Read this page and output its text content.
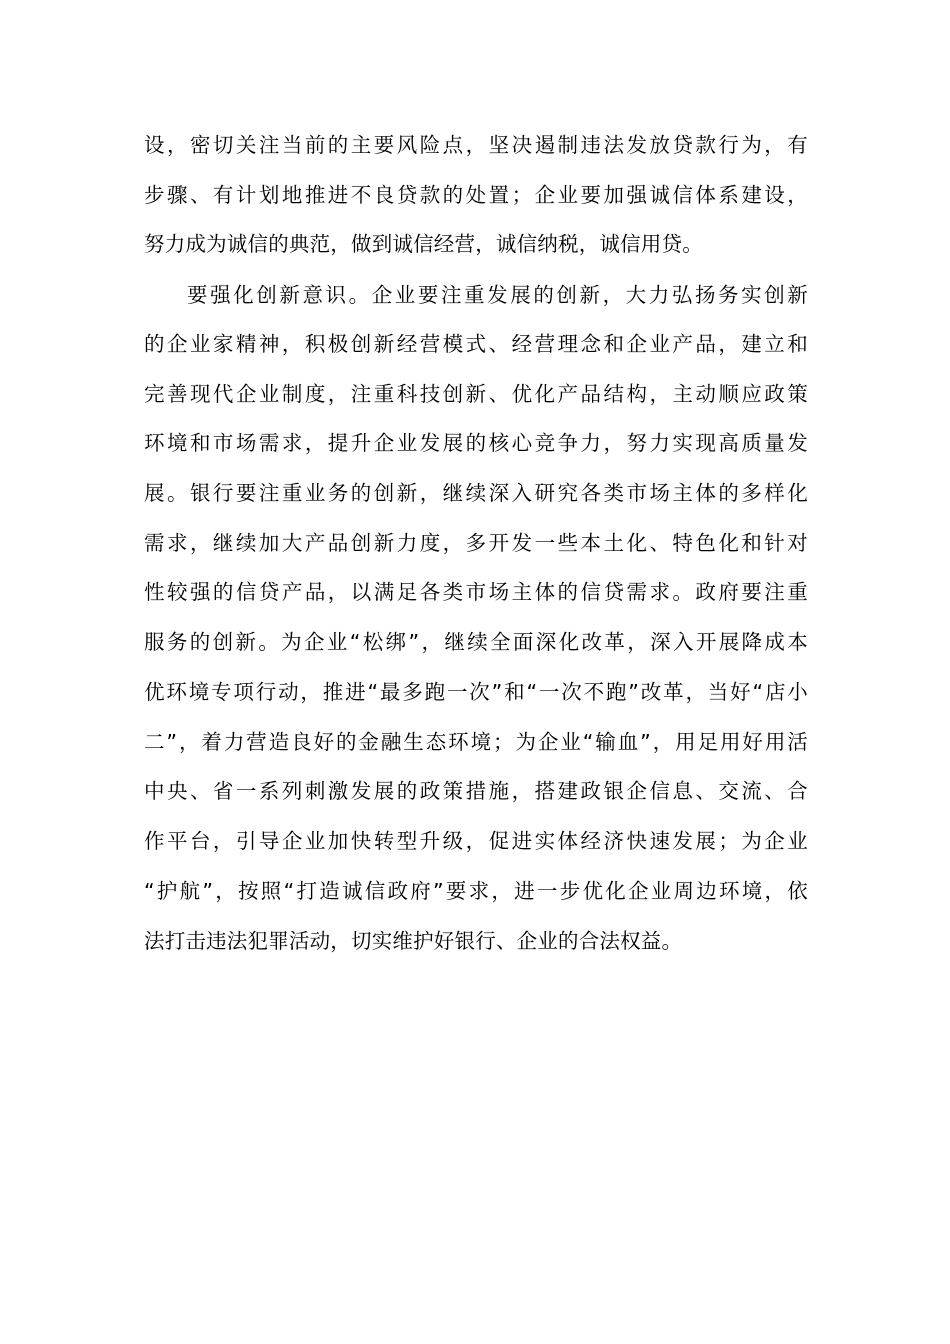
设，密切关注当前的主要风险点，坚决遏制违法发放贷款行为，有
步骤、有计划地推进不良贷款的处置；企业要加强诚信体系建设，
努力成为诚信的典范，做到诚信经营，诚信纳税，诚信用贷。
要强化创新意识。企业要注重发展的创新，大力弘扬务实创新
的企业家精神，积极创新经营模式、经营理念和企业产品，建立和
完善现代企业制度，注重科技创新、优化产品结构，主动顺应政策
环境和市场需求，提升企业发展的核心竞争力，努力实现高质量发
展。银行要注重业务的创新，继续深入研究各类市场主体的多样化
需求，继续加大产品创新力度，多开发一些本土化、特色化和针对
性较强的信贷产品，以满足各类市场主体的信贷需求。政府要注重
服务的创新。为企业“松绑”，继续全面深化改革，深入开展降成本
优环境专项行动，推进“最多跑一次”和“一次不跑”改革，当好“店小
二”，着力营造良好的金融生态环境；为企业“输血”，用足用好用活
中央、省一系列刺激发展的政策措施，搭建政银企信息、交流、合
作平台，引导企业加快转型升级，促进实体经济快速发展；为企业
“护航”，按照“打造诚信政府”要求，进一步优化企业周边环境，依
法打击违法犯罪活动，切实维护好银行、企业的合法权益。
